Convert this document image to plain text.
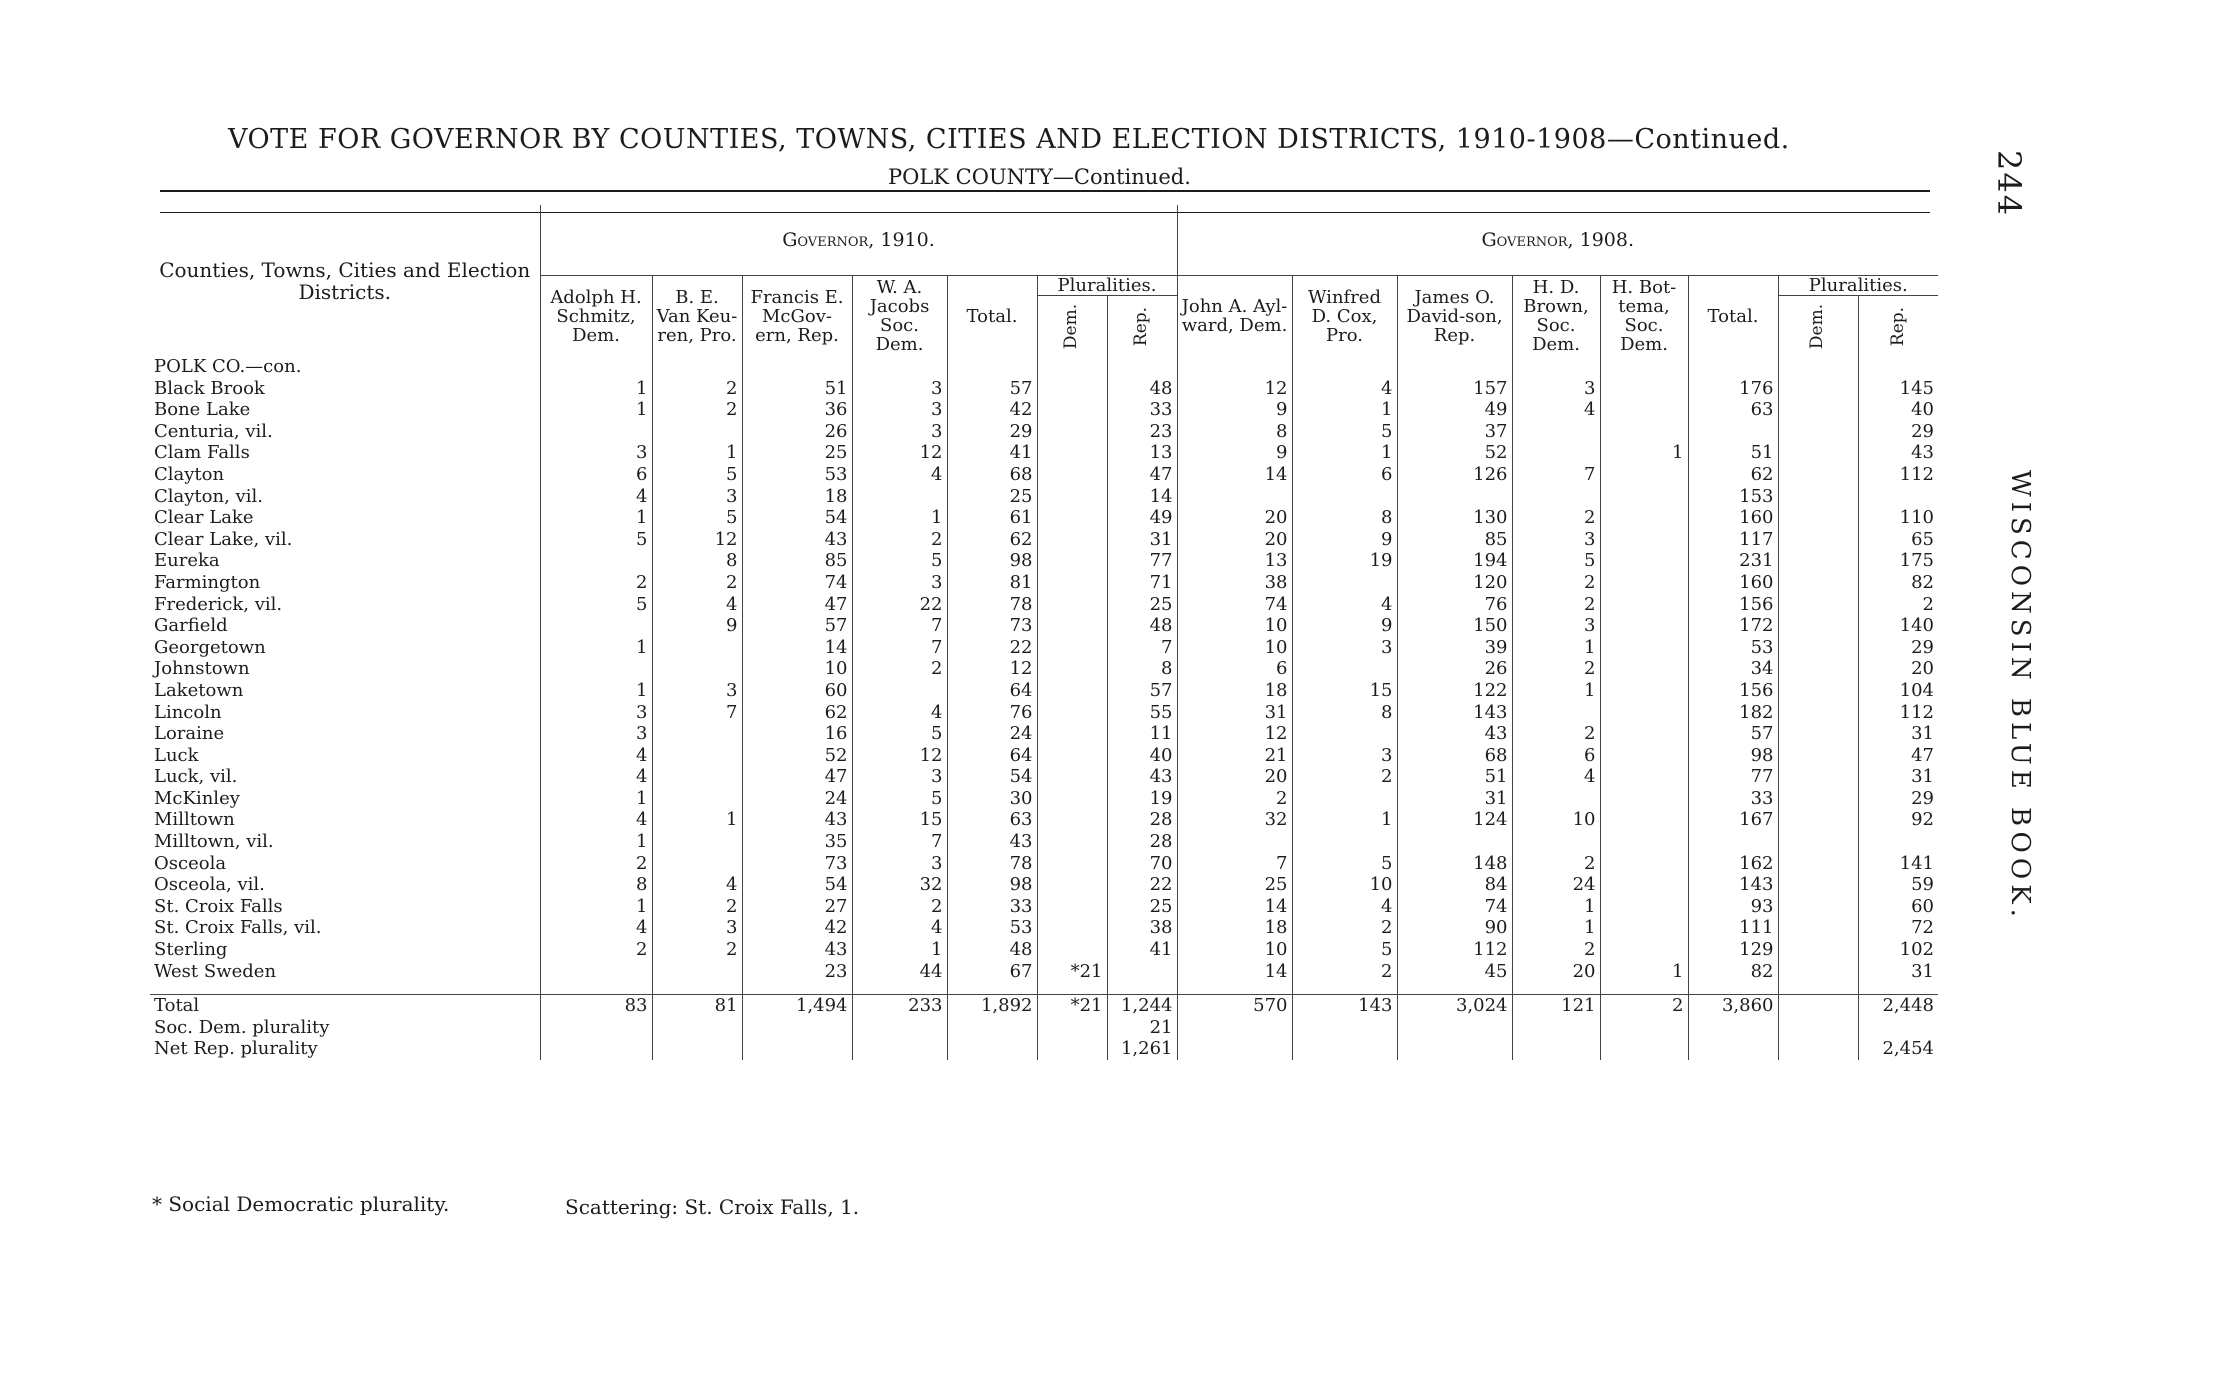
VOTE FOR GOVERNOR BY COUNTIES, TOWNS, CITIES AND ELECTION DISTRICTS, 1910-1908—Continued.
POLK COUNTY—Continued.	244
WISCONSIN BLUE BOOK.
Counties, Towns, Cities and Election Districts.	Governor, 1910.							Governor, 1908.							
	Adolph H. Schmitz, Dem.	B. E. Van Keu-ren, Pro.	Francis E. McGov-ern, Rep.	W. A. Jacobs Soc. Dem.	Total.	Pluralities.		John A. Ayl-ward, Dem.	Winfred D. Cox, Pro.	James O. David-son, Rep.	H. D. Brown, Soc. Dem.	H. Bot-tema, Soc. Dem.	Total.	Pluralities.	
						Dem.	Rep.							Dem.	Rep.
POLK CO.—con.															
Black Brook	1	2	51	3	57		48	12	4	157	3		176		145
Bone Lake	1	2	36	3	42		33	9	1	49	4		63		40
Centuria, vil.			26	3	29		23	8	5	37					29
Clam Falls	3	1	25	12	41		13	9	1	52		1	51		43
Clayton	6	5	53	4	68		47	14	6	126	7		62		112
Clayton, vil.	4	3	18		25		14						153		
Clear Lake	1	5	54	1	61		49	20	8	130	2		160		110
Clear Lake, vil.	5	12	43	2	62		31	20	9	85	3		117		65
Eureka		8	85	5	98		77	13	19	194	5		231		175
Farmington	2	2	74	3	81		71	38		120	2		160		82
Frederick, vil.	5	4	47	22	78		25	74	4	76	2		156		2
Garfield		9	57	7	73		48	10	9	150	3		172		140
Georgetown	1		14	7	22		7	10	3	39	1		53		29
Johnstown			10	2	12		8	6		26	2		34		20
Laketown	1	3	60		64		57	18	15	122	1		156		104
Lincoln	3	7	62	4	76		55	31	8	143			182		112
Loraine	3		16	5	24		11	12		43	2		57		31
Luck	4		52	12	64		40	21	3	68	6		98		47
Luck, vil.	4		47	3	54		43	20	2	51	4		77		31
McKinley	1		24	5	30		19	2		31			33		29
Milltown	4	1	43	15	63		28	32	1	124	10		167		92
Milltown, vil.	1		35	7	43		28								
Osceola	2		73	3	78		70	7	5	148	2		162		141
Osceola, vil.	8	4	54	32	98		22	25	10	84	24		143		59
St. Croix Falls	1	2	27	2	33		25	14	4	74	1		93		60
St. Croix Falls, vil.	4	3	42	4	53		38	18	2	90	1		111		72
Sterling	2	2	43	1	48		41	10	5	112	2		129		102
West Sweden			23	44	67	*21		14	2	45	20	1	82		31

Total	83	81	1,494	233	1,892	*21	1,244	570	143	3,024	121	2	3,860		2,448
Soc. Dem. plurality							21								
Net Rep. plurality							1,261								2,454
* Social Democratic plurality.	Scattering: St. Croix Falls, 1.
